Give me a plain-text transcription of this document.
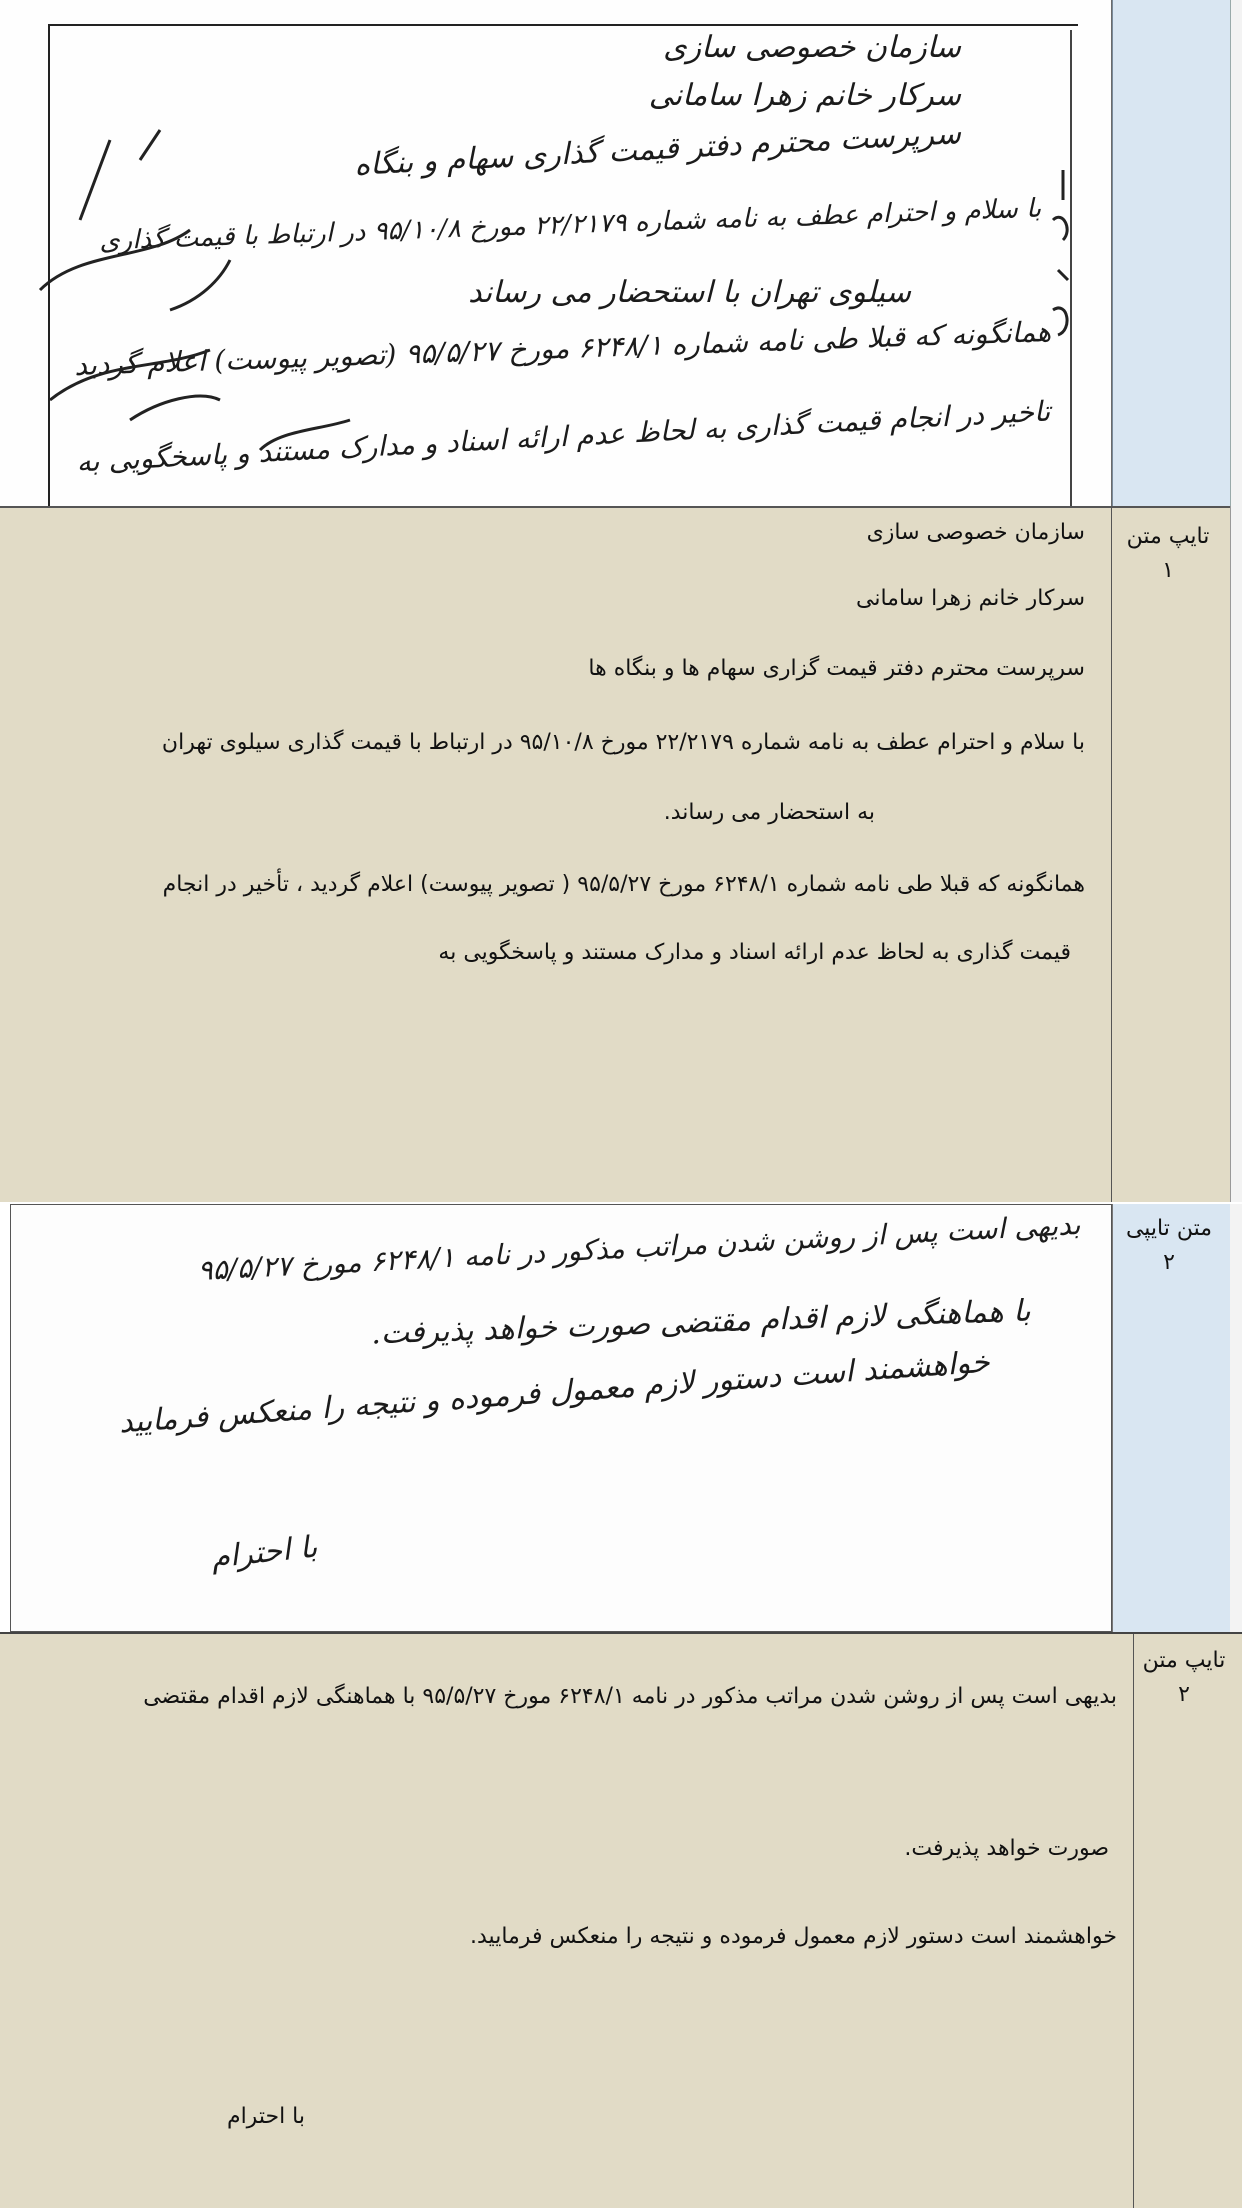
سازمان خصوصی سازی
سرکار خانم زهرا سامانی
سرپرست محترم دفتر قیمت گذاری سهام و بنگاه
با سلام و احترام عطف به نامه شماره ۲۲/۲۱۷۹ مورخ ۹۵/۱۰/۸ در ارتباط با قیمت گذاری
سیلوی تهران با استحضار می رساند
همانگونه که قبلا طی نامه شماره ۶۲۴۸/۱ مورخ ۹۵/۵/۲۷ (تصویر پیوست) اعلام گردید
تاخیر در انجام قیمت گذاری به لحاظ عدم ارائه اسناد و مدارک مستند و پاسخگویی به
سازمان خصوصی سازی
سرکار خانم زهرا سامانی
سرپرست محترم دفتر قیمت گزاری سهام ها و بنگاه ها
با سلام و احترام عطف به نامه شماره ۲۲/۲۱۷۹ مورخ ۹۵/۱۰/۸ در ارتباط با قیمت گذاری سیلوی تهران
به استحضار می رساند.
همانگونه که قبلا طی نامه شماره ۶۲۴۸/۱ مورخ ۹۵/۵/۲۷ ( تصویر پیوست) اعلام گردید ، تأخیر در انجام
قیمت گذاری به لحاظ عدم ارائه اسناد و مدارک مستند و پاسخگویی به
تایپ متن ۱
بدیهی است پس از روشن شدن مراتب مذکور در نامه ۶۲۴۸/۱ مورخ ۹۵/۵/۲۷
با هماهنگی لازم اقدام مقتضی صورت خواهد پذیرفت.
خواهشمند است دستور لازم معمول فرموده و نتیجه را منعکس فرمایید
با احترام
متن تایپی ۲
بدیهی است پس از روشن شدن مراتب مذکور در نامه ۶۲۴۸/۱ مورخ ۹۵/۵/۲۷ با هماهنگی لازم اقدام مقتضی
صورت خواهد پذیرفت.
خواهشمند است دستور لازم معمول فرموده و نتیجه را منعکس فرمایید.
با احترام
تایپ متن ۲
